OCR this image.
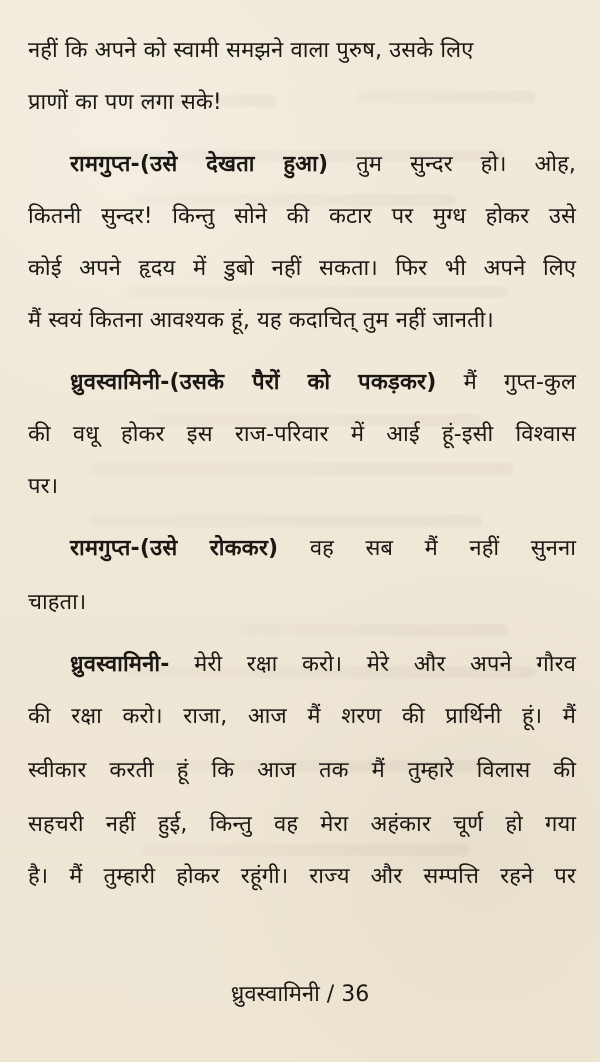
नहीं कि अपने को स्वामी समझने वाला पुरुष, उसके लिए
प्राणों का पण लगा सके!
रामगुप्त-(उसे देखता हुआ) तुम सुन्दर हो। ओह,
कितनी सुन्दर! किन्तु सोने की कटार पर मुग्ध होकर उसे
कोई अपने हृदय में डुबो नहीं सकता। फिर भी अपने लिए
मैं स्वयं कितना आवश्यक हूं, यह कदाचित् तुम नहीं जानती।
ध्रुवस्वामिनी-(उसके पैरों को पकड़कर) मैं गुप्त-कुल
की वधू होकर इस राज-परिवार में आई हूं-इसी विश्वास
पर।
रामगुप्त-(उसे रोककर) वह सब मैं नहीं सुनना
चाहता।
ध्रुवस्वामिनी- मेरी रक्षा करो। मेरे और अपने गौरव
की रक्षा करो। राजा, आज मैं शरण की प्रार्थिनी हूं। मैं
स्वीकार करती हूं कि आज तक मैं तुम्हारे विलास की
सहचरी नहीं हुई, किन्तु वह मेरा अहंकार चूर्ण हो गया
है। मैं तुम्हारी होकर रहूंगी। राज्य और सम्पत्ति रहने पर
ध्रुवस्वामिनी / 36
